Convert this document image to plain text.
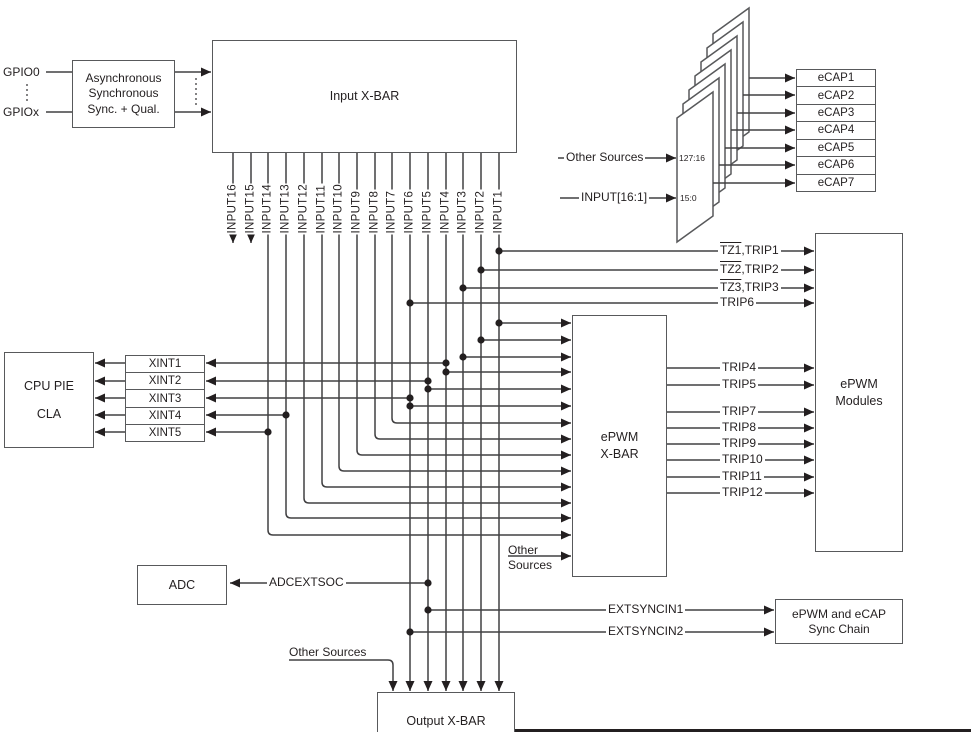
GPIO0
GPIOx
Asynchronous
Synchronous
Sync. + Qual.
Input X-BAR
INPUT16 INPUT15 INPUT14 INPUT13 INPUT12 INPUT11 INPUT10 INPUT9 INPUT8 INPUT7 INPUT6 INPUT5 INPUT4 INPUT3 INPUT2 INPUT1
Other Sources
INPUT[16:1]
127:16
15:0
eCAP1
eCAP2
eCAP3
eCAP4
eCAP5
eCAP6
eCAP7
CPU PIE
CLA
XINT1
XINT2
XINT3
XINT4
XINT5
TZ1,TRIP1
TZ2,TRIP2
TZ3,TRIP3
TRIP6
ePWM
X-BAR
Other
Sources
TRIP4
TRIP5
TRIP7
TRIP8
TRIP9
TRIP10
TRIP11
TRIP12
ePWM
Modules
ADC	ADCEXTSOC
EXTSYNCIN1
EXTSYNCIN2
ePWM and eCAP
Sync Chain
Other Sources
Output X-BAR
